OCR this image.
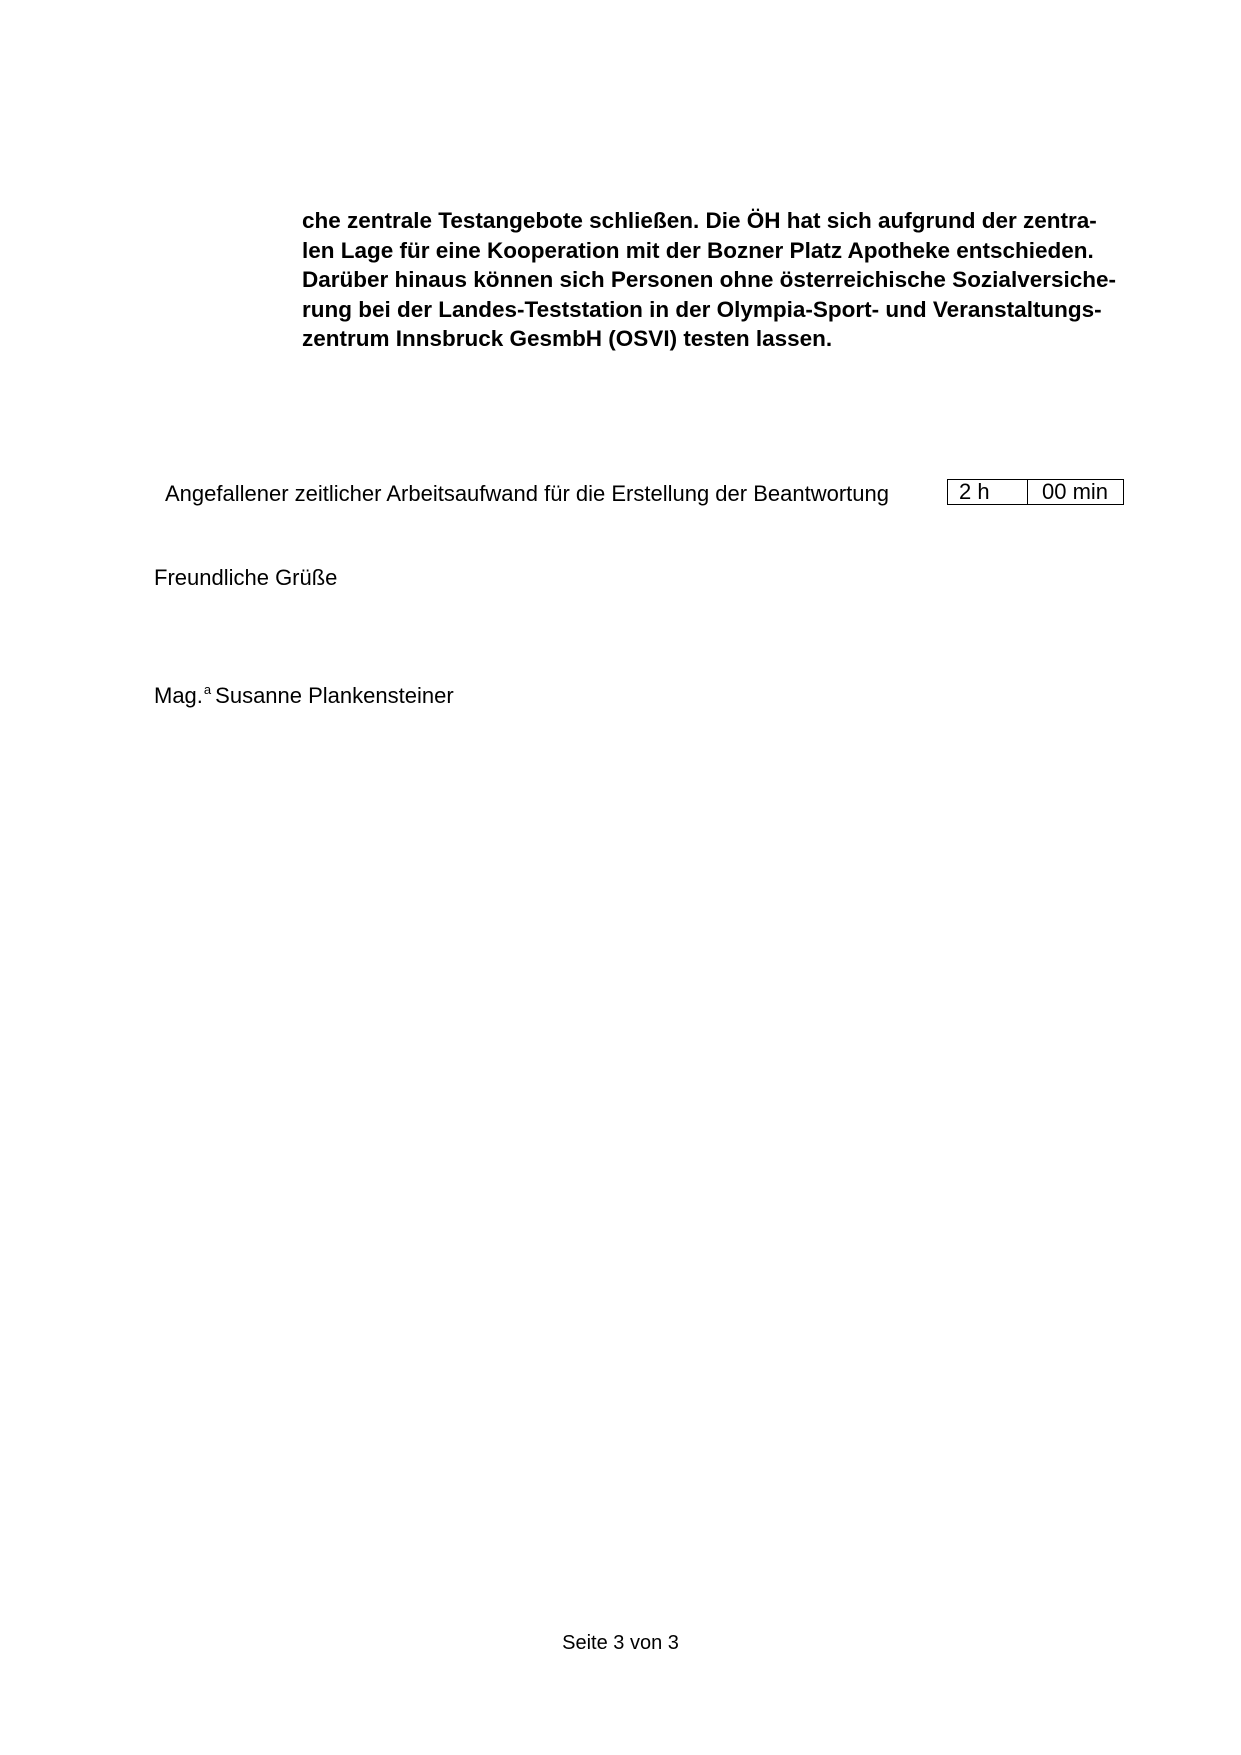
che zentrale Testangebote schließen. Die ÖH hat sich aufgrund der zentra-
len Lage für eine Kooperation mit der Bozner Platz Apotheke entschieden.
Darüber hinaus können sich Personen ohne österreichische Sozialversiche-
rung bei der Landes-Teststation in der Olympia-Sport- und Veranstaltungs-
zentrum Innsbruck GesmbH (OSVI) testen lassen.
Angefallener zeitlicher Arbeitsaufwand für die Erstellung der Beantwortung	2 h	00 min
Freundliche Grüße
Mag.$^a$ Susanne Plankensteiner
Seite 3 von 3
